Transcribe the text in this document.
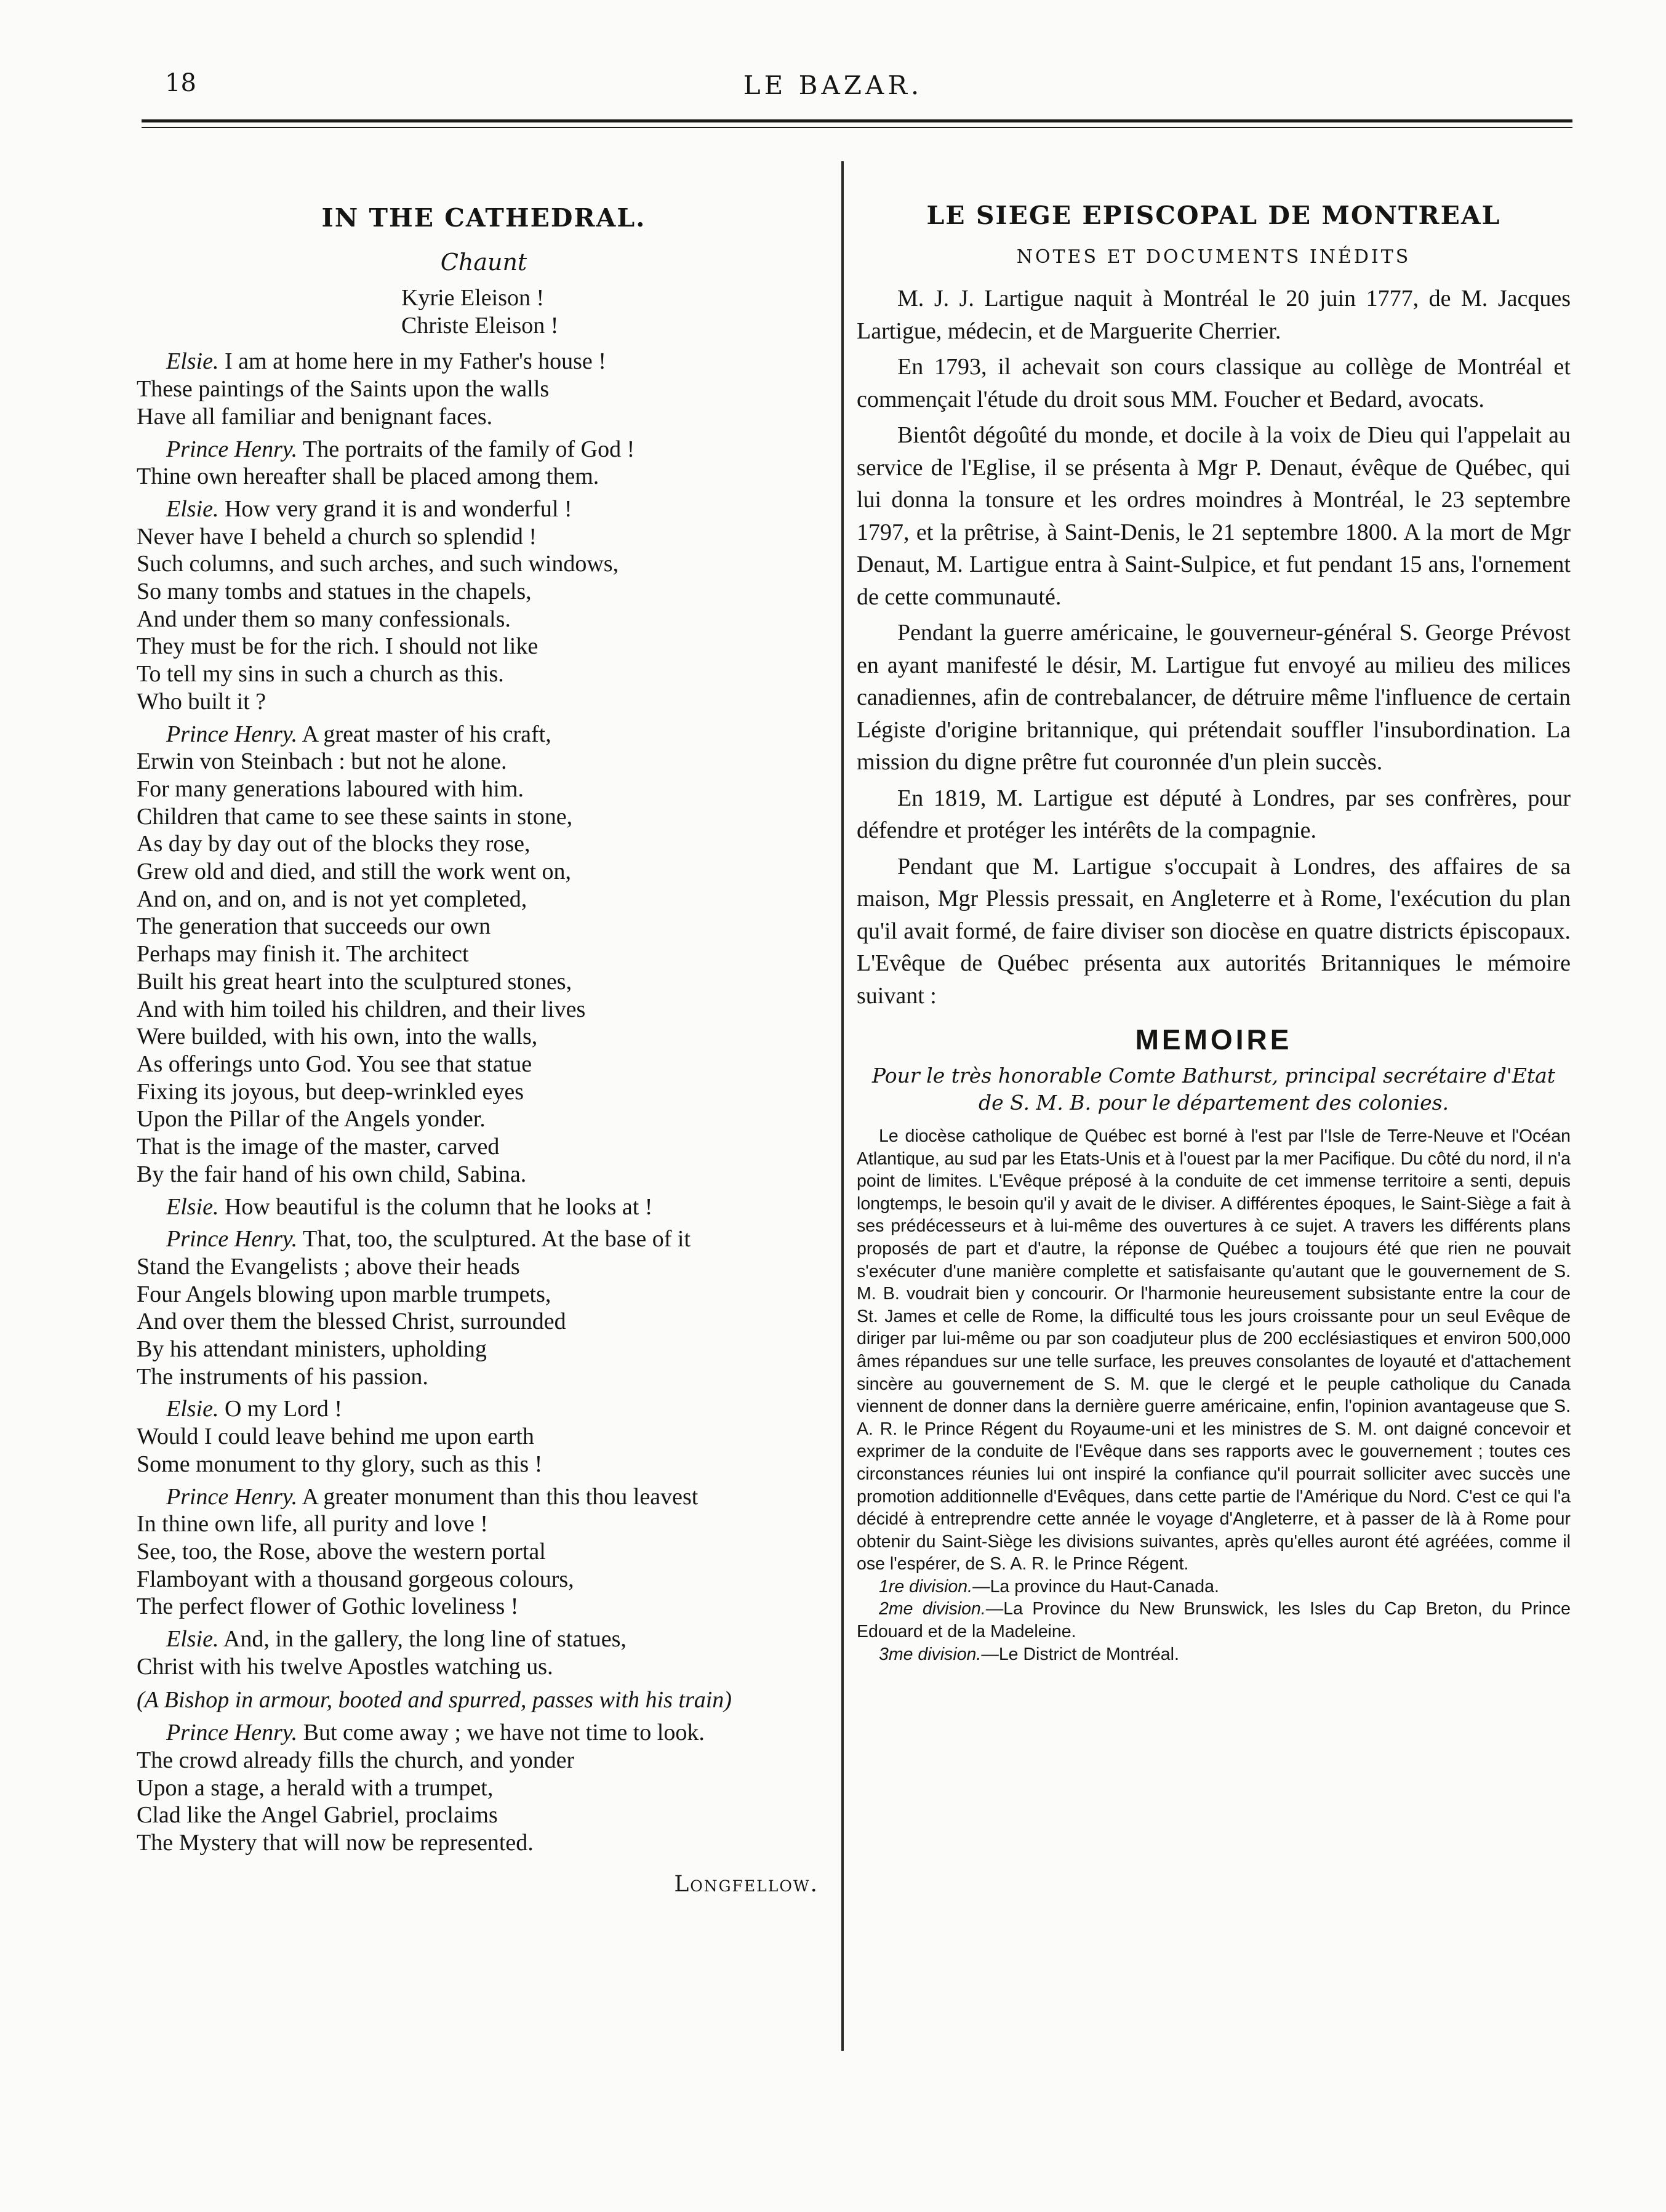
18	LE BAZAR.
IN THE CATHEDRAL.

Chaunt

Kyrie Eleison !
Christe Eleison !
Elsie. I am at home here in my Father's house !
These paintings of the Saints upon the walls
Have all familiar and benignant faces.
Prince Henry. The portraits of the family of God !
Thine own hereafter shall be placed among them.
Elsie. How very grand it is and wonderful !
Never have I beheld a church so splendid !
Such columns, and such arches, and such windows,
So many tombs and statues in the chapels,
And under them so many confessionals.
They must be for the rich. I should not like
To tell my sins in such a church as this.
Who built it ?
Prince Henry. A great master of his craft,
Erwin von Steinbach : but not he alone.
For many generations laboured with him.
Children that came to see these saints in stone,
As day by day out of the blocks they rose,
Grew old and died, and still the work went on,
And on, and on, and is not yet completed,
The generation that succeeds our own
Perhaps may finish it. The architect
Built his great heart into the sculptured stones,
And with him toiled his children, and their lives
Were builded, with his own, into the walls,
As offerings unto God. You see that statue
Fixing its joyous, but deep-wrinkled eyes
Upon the Pillar of the Angels yonder.
That is the image of the master, carved
By the fair hand of his own child, Sabina.
Elsie. How beautiful is the column that he looks at !
Prince Henry. That, too, the sculptured. At the base of it
Stand the Evangelists ; above their heads
Four Angels blowing upon marble trumpets,
And over them the blessed Christ, surrounded
By his attendant ministers, upholding
The instruments of his passion.
Elsie. O my Lord !
Would I could leave behind me upon earth
Some monument to thy glory, such as this !
Prince Henry. A greater monument than this thou leavest
In thine own life, all purity and love !
See, too, the Rose, above the western portal
Flamboyant with a thousand gorgeous colours,
The perfect flower of Gothic loveliness !
Elsie. And, in the gallery, the long line of statues,
Christ with his twelve Apostles watching us.
(A Bishop in armour, booted and spurred, passes with his train)
Prince Henry. But come away ; we have not time to look.
The crowd already fills the church, and yonder
Upon a stage, a herald with a trumpet,
Clad like the Angel Gabriel, proclaims
The Mystery that will now be represented.
Longfellow.
LE SIEGE EPISCOPAL DE MONTREAL

NOTES ET DOCUMENTS INÉDITS

M. J. J. Lartigue naquit à Montréal le 20 juin 1777, de M. Jacques Lartigue, médecin, et de Marguerite Cherrier.

En 1793, il achevait son cours classique au collège de Montréal et commençait l'étude du droit sous MM. Foucher et Bedard, avocats.

Bientôt dégoûté du monde, et docile à la voix de Dieu qui l'appelait au service de l'Eglise, il se présenta à Mgr P. Denaut, évêque de Québec, qui lui donna la tonsure et les ordres moindres à Montréal, le 23 septembre 1797, et la prêtrise, à Saint-Denis, le 21 septembre 1800. A la mort de Mgr Denaut, M. Lartigue entra à Saint-Sulpice, et fut pendant 15 ans, l'ornement de cette communauté.

Pendant la guerre américaine, le gouverneur-général S. George Prévost en ayant manifesté le désir, M. Lartigue fut envoyé au milieu des milices canadiennes, afin de contrebalancer, de détruire même l'influence de certain Légiste d'origine britannique, qui prétendait souffler l'insubordination. La mission du digne prêtre fut couronnée d'un plein succès.

En 1819, M. Lartigue est député à Londres, par ses confrères, pour défendre et protéger les intérêts de la compagnie.

Pendant que M. Lartigue s'occupait à Londres, des affaires de sa maison, Mgr Plessis pressait, en Angleterre et à Rome, l'exécution du plan qu'il avait formé, de faire diviser son diocèse en quatre districts épiscopaux. L'Evêque de Québec présenta aux autorités Britanniques le mémoire suivant :

MEMOIRE

Pour le très honorable Comte Bathurst, principal secrétaire d'Etat de S. M. B. pour le département des colonies.

Le diocèse catholique de Québec est borné à l'est par l'Isle de Terre-Neuve et l'Océan Atlantique, au sud par les Etats-Unis et à l'ouest par la mer Pacifique. Du côté du nord, il n'a point de limites. L'Evêque préposé à la conduite de cet immense territoire a senti, depuis longtemps, le besoin qu'il y avait de le diviser. A différentes époques, le Saint-Siège a fait à ses prédécesseurs et à lui-même des ouvertures à ce sujet. A travers les différents plans proposés de part et d'autre, la réponse de Québec a toujours été que rien ne pouvait s'exécuter d'une manière complette et satisfaisante qu'autant que le gouvernement de S. M. B. voudrait bien y concourir. Or l'harmonie heureusement subsistante entre la cour de St. James et celle de Rome, la difficulté tous les jours croissante pour un seul Evêque de diriger par lui-même ou par son coadjuteur plus de 200 ecclésiastiques et environ 500,000 âmes répandues sur une telle surface, les preuves consolantes de loyauté et d'attachement sincère au gouvernement de S. M. que le clergé et le peuple catholique du Canada viennent de donner dans la dernière guerre américaine, enfin, l'opinion avantageuse que S. A. R. le Prince Régent du Royaume-uni et les ministres de S. M. ont daigné concevoir et exprimer de la conduite de l'Evêque dans ses rapports avec le gouvernement ; toutes ces circonstances réunies lui ont inspiré la confiance qu'il pourrait solliciter avec succès une promotion additionnelle d'Evêques, dans cette partie de l'Amérique du Nord. C'est ce qui l'a décidé à entreprendre cette année le voyage d'Angleterre, et à passer de là à Rome pour obtenir du Saint-Siège les divisions suivantes, après qu'elles auront été agréées, comme il ose l'espérer, de S. A. R. le Prince Régent.

1re division.—La province du Haut-Canada.

2me division.—La Province du New Brunswick, les Isles du Cap Breton, du Prince Edouard et de la Madeleine.

3me division.—Le District de Montréal.
